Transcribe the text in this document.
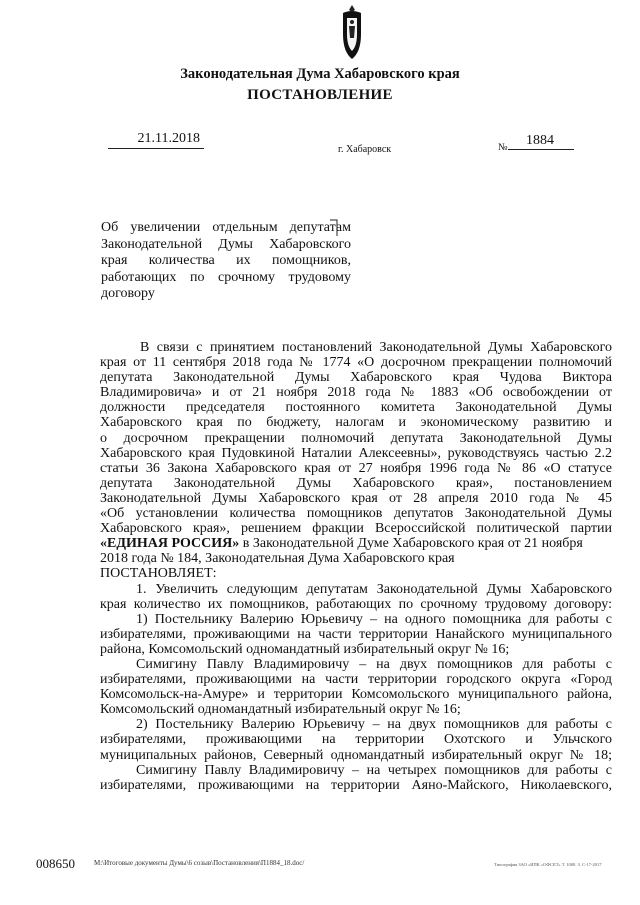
Законодательная Дума Хабаровского края
ПОСТАНОВЛЕНИЕ
21.11.2018
г. Хабаровск	№ 1884
Об увеличении отдельным депутатам
Законодательной Думы Хабаровского
края количества их помощников,
работающих по срочному трудовому
договору
В связи с принятием постановлений Законодательной Думы Хабаровского
края от 11 сентября 2018 года № 1774 «О досрочном прекращении полномочий
депутата Законодательной Думы Хабаровского края Чудова Виктора
Владимировича» и от 21 ноября 2018 года № 1883 «Об освобождении от
должности председателя постоянного комитета Законодательной Думы
Хабаровского края по бюджету, налогам и экономическому развитию и
о досрочном прекращении полномочий депутата Законодательной Думы
Хабаровского края Пудовкиной Наталии Алексеевны», руководствуясь частью 2.2
статьи 36 Закона Хабаровского края от 27 ноября 1996 года № 86 «О статусе
депутата Законодательной Думы Хабаровского края», постановлением
Законодательной Думы Хабаровского края от 28 апреля 2010 года № 45
«Об установлении количества помощников депутатов Законодательной Думы
Хабаровского края», решением фракции Всероссийской политической партии
«ЕДИНАЯ РОССИЯ» в Законодательной Думе Хабаровского края от 21 ноября
2018 года № 184, Законодательная Дума Хабаровского края
ПОСТАНОВЛЯЕТ:
1. Увеличить следующим депутатам Законодательной Думы Хабаровского
края количество их помощников, работающих по срочному трудовому договору:
1) Постельнику Валерию Юрьевичу – на одного помощника для работы с
избирателями, проживающими на части территории Нанайского муниципального
района, Комсомольский одномандатный избирательный округ № 16;
Симигину Павлу Владимировичу – на двух помощников для работы с
избирателями, проживающими на части территории городского округа «Город
Комсомольск-на-Амуре» и территории Комсомольского муниципального района,
Комсомольский одномандатный избирательный округ № 16;
2) Постельнику Валерию Юрьевичу – на двух помощников для работы с
избирателями, проживающими на территории Охотского и Ульчского
муниципальных районов, Северный одномандатный избирательный округ № 18;
Симигину Павлу Владимировичу – на четырех помощников для работы с
избирателями, проживающими на территории Аяно-Майского, Николаевского,
008650	М:\Итоговые документы Думы\6 созыв\Постановления\П1884_18.doc/	Типография ЗАО «ИПК «ОФСЕТ» Т. 1000. З. С-17-2017
